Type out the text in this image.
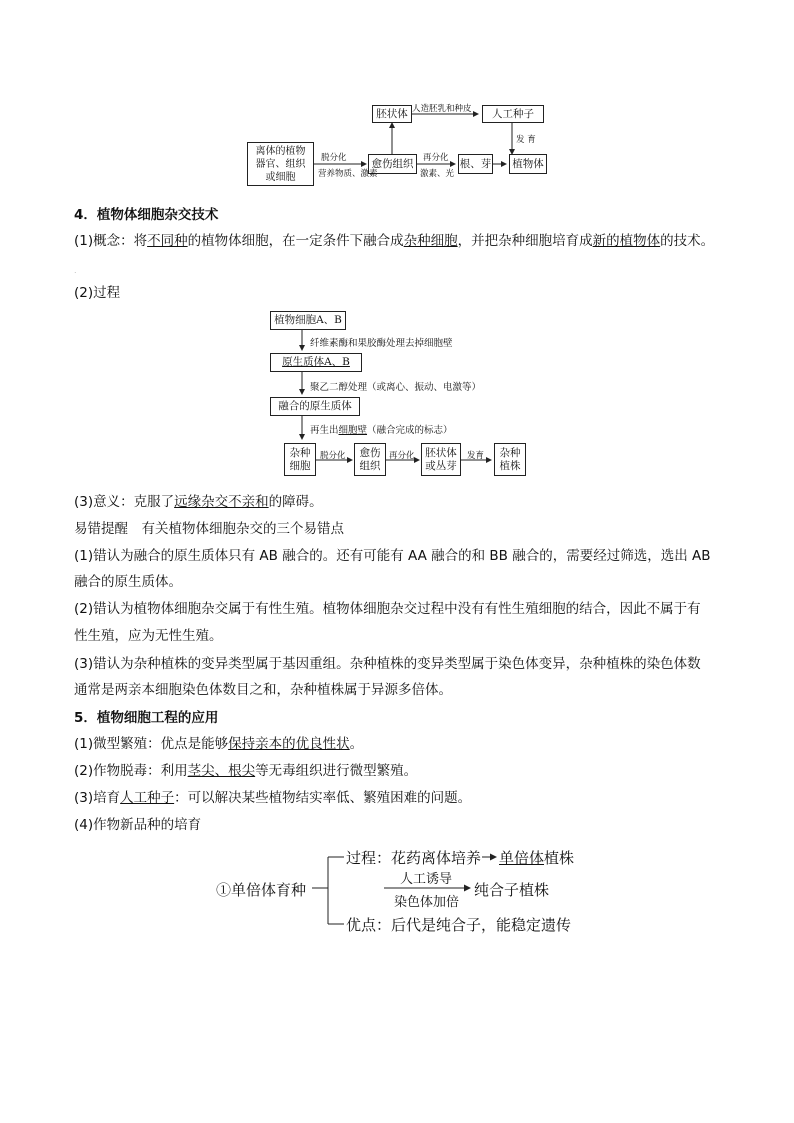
离体的植物
器官、组织
或细胞
胚状体	人工种子
愈伤组织	根、芽	植物体
脱分化
营养物质、激素
再分化
激素、光
人造胚乳和种皮
发 育
4．植物体细胞杂交技术
(1)概念：将不同种的植物体细胞，在一定条件下融合成杂种细胞，并把杂种细胞培育成新的植物体的技术。
.
(2)过程
植物细胞A、B
纤维素酶和果胶酶处理去掉细胞壁
原生质体A、B
聚乙二醇处理（或离心、振动、电激等）
融合的原生质体
再生出细胞壁（融合完成的标志）
杂种
细胞
脱分化 愈伤
组织
再分化 胚状体
或丛芽
发育 杂种
植株
(3)意义：克服了远缘杂交不亲和的障碍。
易错提醒　有关植物体细胞杂交的三个易错点
(1)错认为融合的原生质体只有 AB 融合的。还有可能有 AA 融合的和 BB 融合的，需要经过筛选，选出 AB
融合的原生质体。
(2)错认为植物体细胞杂交属于有性生殖。植物体细胞杂交过程中没有有性生殖细胞的结合，因此不属于有
性生殖，应为无性生殖。
(3)错认为杂种植株的变异类型属于基因重组。杂种植株的变异类型属于染色体变异，杂种植株的染色体数
通常是两亲本细胞染色体数目之和，杂种植株属于异源多倍体。
5．植物细胞工程的应用
(1)微型繁殖：优点是能够保持亲本的优良性状。
(2)作物脱毒：利用茎尖、根尖等无毒组织进行微型繁殖。
(3)培育人工种子：可以解决某些植物结实率低、繁殖困难的问题。
(4)作物新品种的培育
①单倍体育种
过程：花药离体培养 单倍体植株
人工诱导
染色体加倍
纯合子植株
优点：后代是纯合子，能稳定遗传
